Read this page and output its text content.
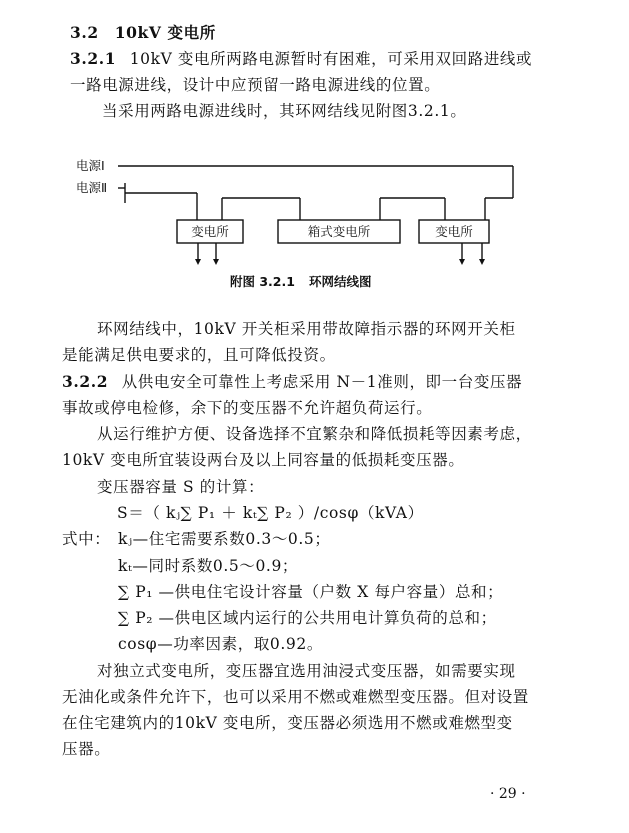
3.2 10kV 变电所
3.2.1 10kV 变电所两路电源暂时有困难，可采用双回路进线或
一路电源进线，设计中应预留一路电源进线的位置。
当采用两路电源进线时，其环网结线见附图3.2.1。
电源Ⅰ
电源Ⅱ
变电所	箱式变电所	变电所
附图 3.2.1 环网结线图
环网结线中，10kV 开关柜采用带故障指示器的环网开关柜
是能满足供电要求的，且可降低投资。
3.2.2 从供电安全可靠性上考虑采用 N－1准则，即一台变压器
事故或停电检修，余下的变压器不允许超负荷运行。
从运行维护方便、设备选择不宜繁杂和降低损耗等因素考虑，
10kV 变电所宜装设两台及以上同容量的低损耗变压器。
变压器容量 S 的计算：
S＝（ kⱼ∑ P₁ ＋ kₜ∑ P₂ ）/cosφ（kVA）
式中： kⱼ—住宅需要系数0.3～0.5；
kₜ—同时系数0.5～0.9；
∑ P₁ —供电住宅设计容量（户数 X 每户容量）总和；
∑ P₂ —供电区域内运行的公共用电计算负荷的总和；
cosφ—功率因素，取0.92。
对独立式变电所，变压器宜选用油浸式变压器，如需要实现
无油化或条件允许下，也可以采用不燃或难燃型变压器。但对设置
在住宅建筑内的10kV 变电所，变压器必须选用不燃或难燃型变
压器。
· 29 ·
